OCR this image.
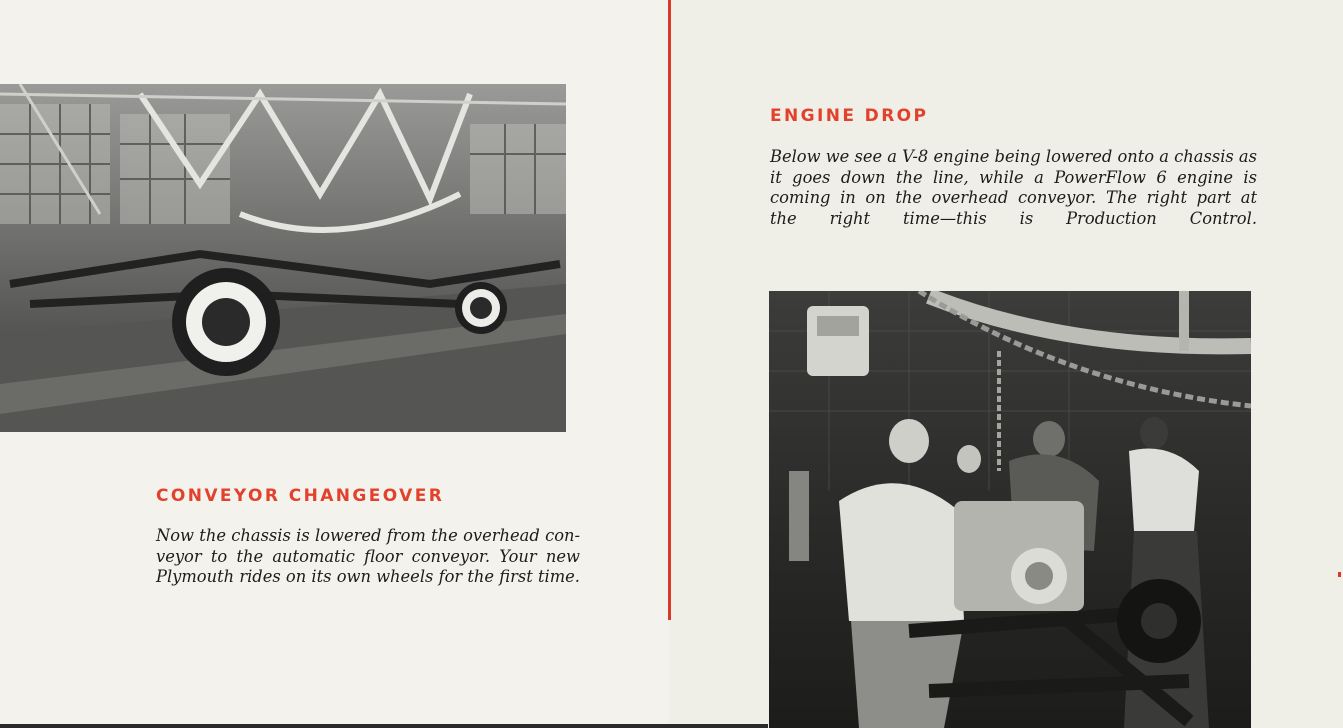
CONVEYOR CHANGEOVER
Now the chassis is lowered from the overhead con-
veyor to the automatic floor conveyor. Your new
Plymouth rides on its own wheels for the first time.
ENGINE DROP
Below we see a V-8 engine being lowered onto a chassis as
it goes down the line, while a PowerFlow 6 engine is
coming in on the overhead conveyor. The right part at
the right time—this is Production Control.
